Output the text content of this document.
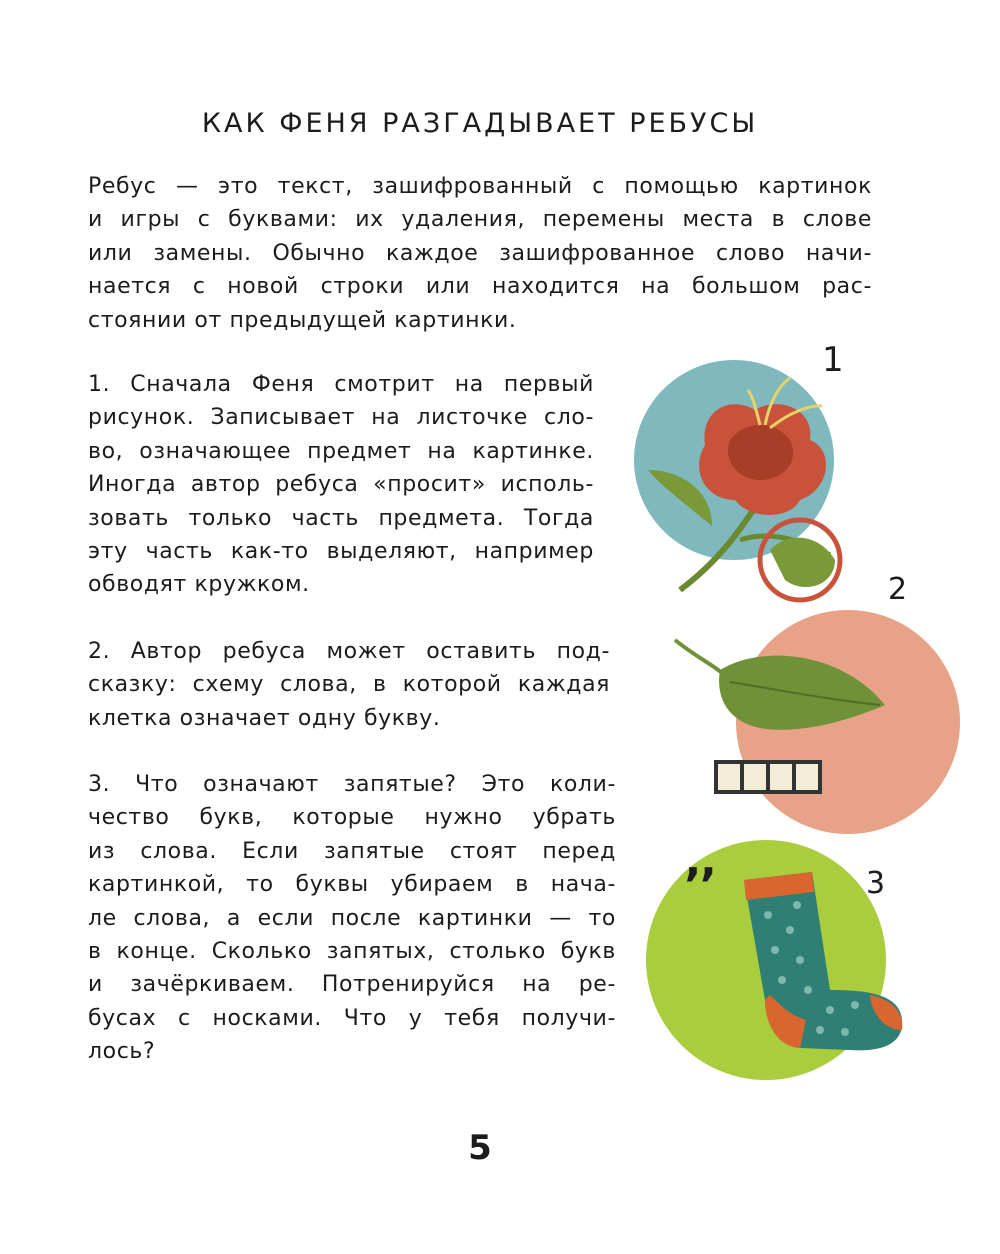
КАК ФЕНЯ РАЗГАДЫВАЕТ РЕБУСЫ
Ребус — это текст, зашифрованный с помощью картинок
и игры с буквами: их удаления, перемены места в слове
или замены. Обычно каждое зашифрованное слово начи-
нается с новой строки или находится на большом рас-
стоянии от предыдущей картинки.
1. Сначала Феня смотрит на первый
рисунок. Записывает на листочке сло-
во, означающее предмет на картинке.
Иногда автор ребуса «просит» исполь-
зовать только часть предмета. Тогда
эту часть как-то выделяют, например
обводят кружком.
2. Автор ребуса может оставить под-
сказку: схему слова, в которой каждая
клетка означает одну букву.
3. Что означают запятые? Это коли-
чество букв, которые нужно убрать
из слова. Если запятые стоят перед
картинкой, то буквы убираем в нача-
ле слова, а если после картинки — то
в конце. Сколько запятых, столько букв
и зачёркиваем. Потренируйся на ре-
бусах с носками. Что у тебя получи-
лось?
1
2
3
’’
5
